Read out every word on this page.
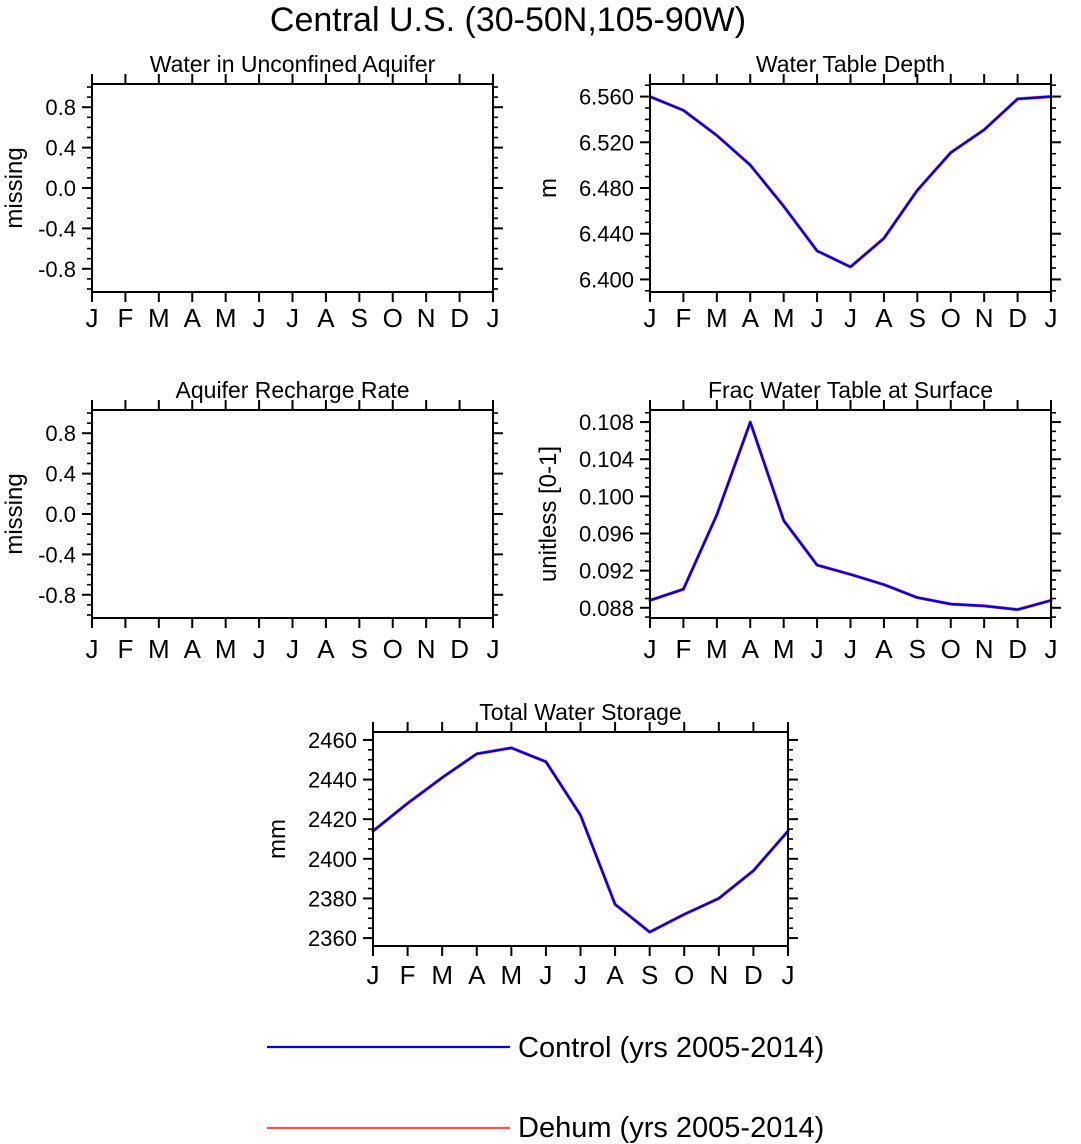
Central U.S. (30-50N,105-90W)
Water in Unconfined Aquifer
missing
J F M A M J J A S O N D J
0.8
0.4
0.0
-0.4
-0.8
Water Table Depth
m
J F M A M J J A S O N D J
6.560
6.520
6.480
6.440
6.400
Aquifer Recharge Rate
missing
J F M A M J J A S O N D J
0.8
0.4
0.0
-0.4
-0.8
Frac Water Table at Surface
unitless [0-1]
J F M A M J J A S O N D J
0.108
0.104
0.100
0.096
0.092
0.088
Total Water Storage
mm
J F M A M J J A S O N D J
2460
2440
2420
2400
2380
2360
Control (yrs 2005-2014)
Dehum (yrs 2005-2014)
